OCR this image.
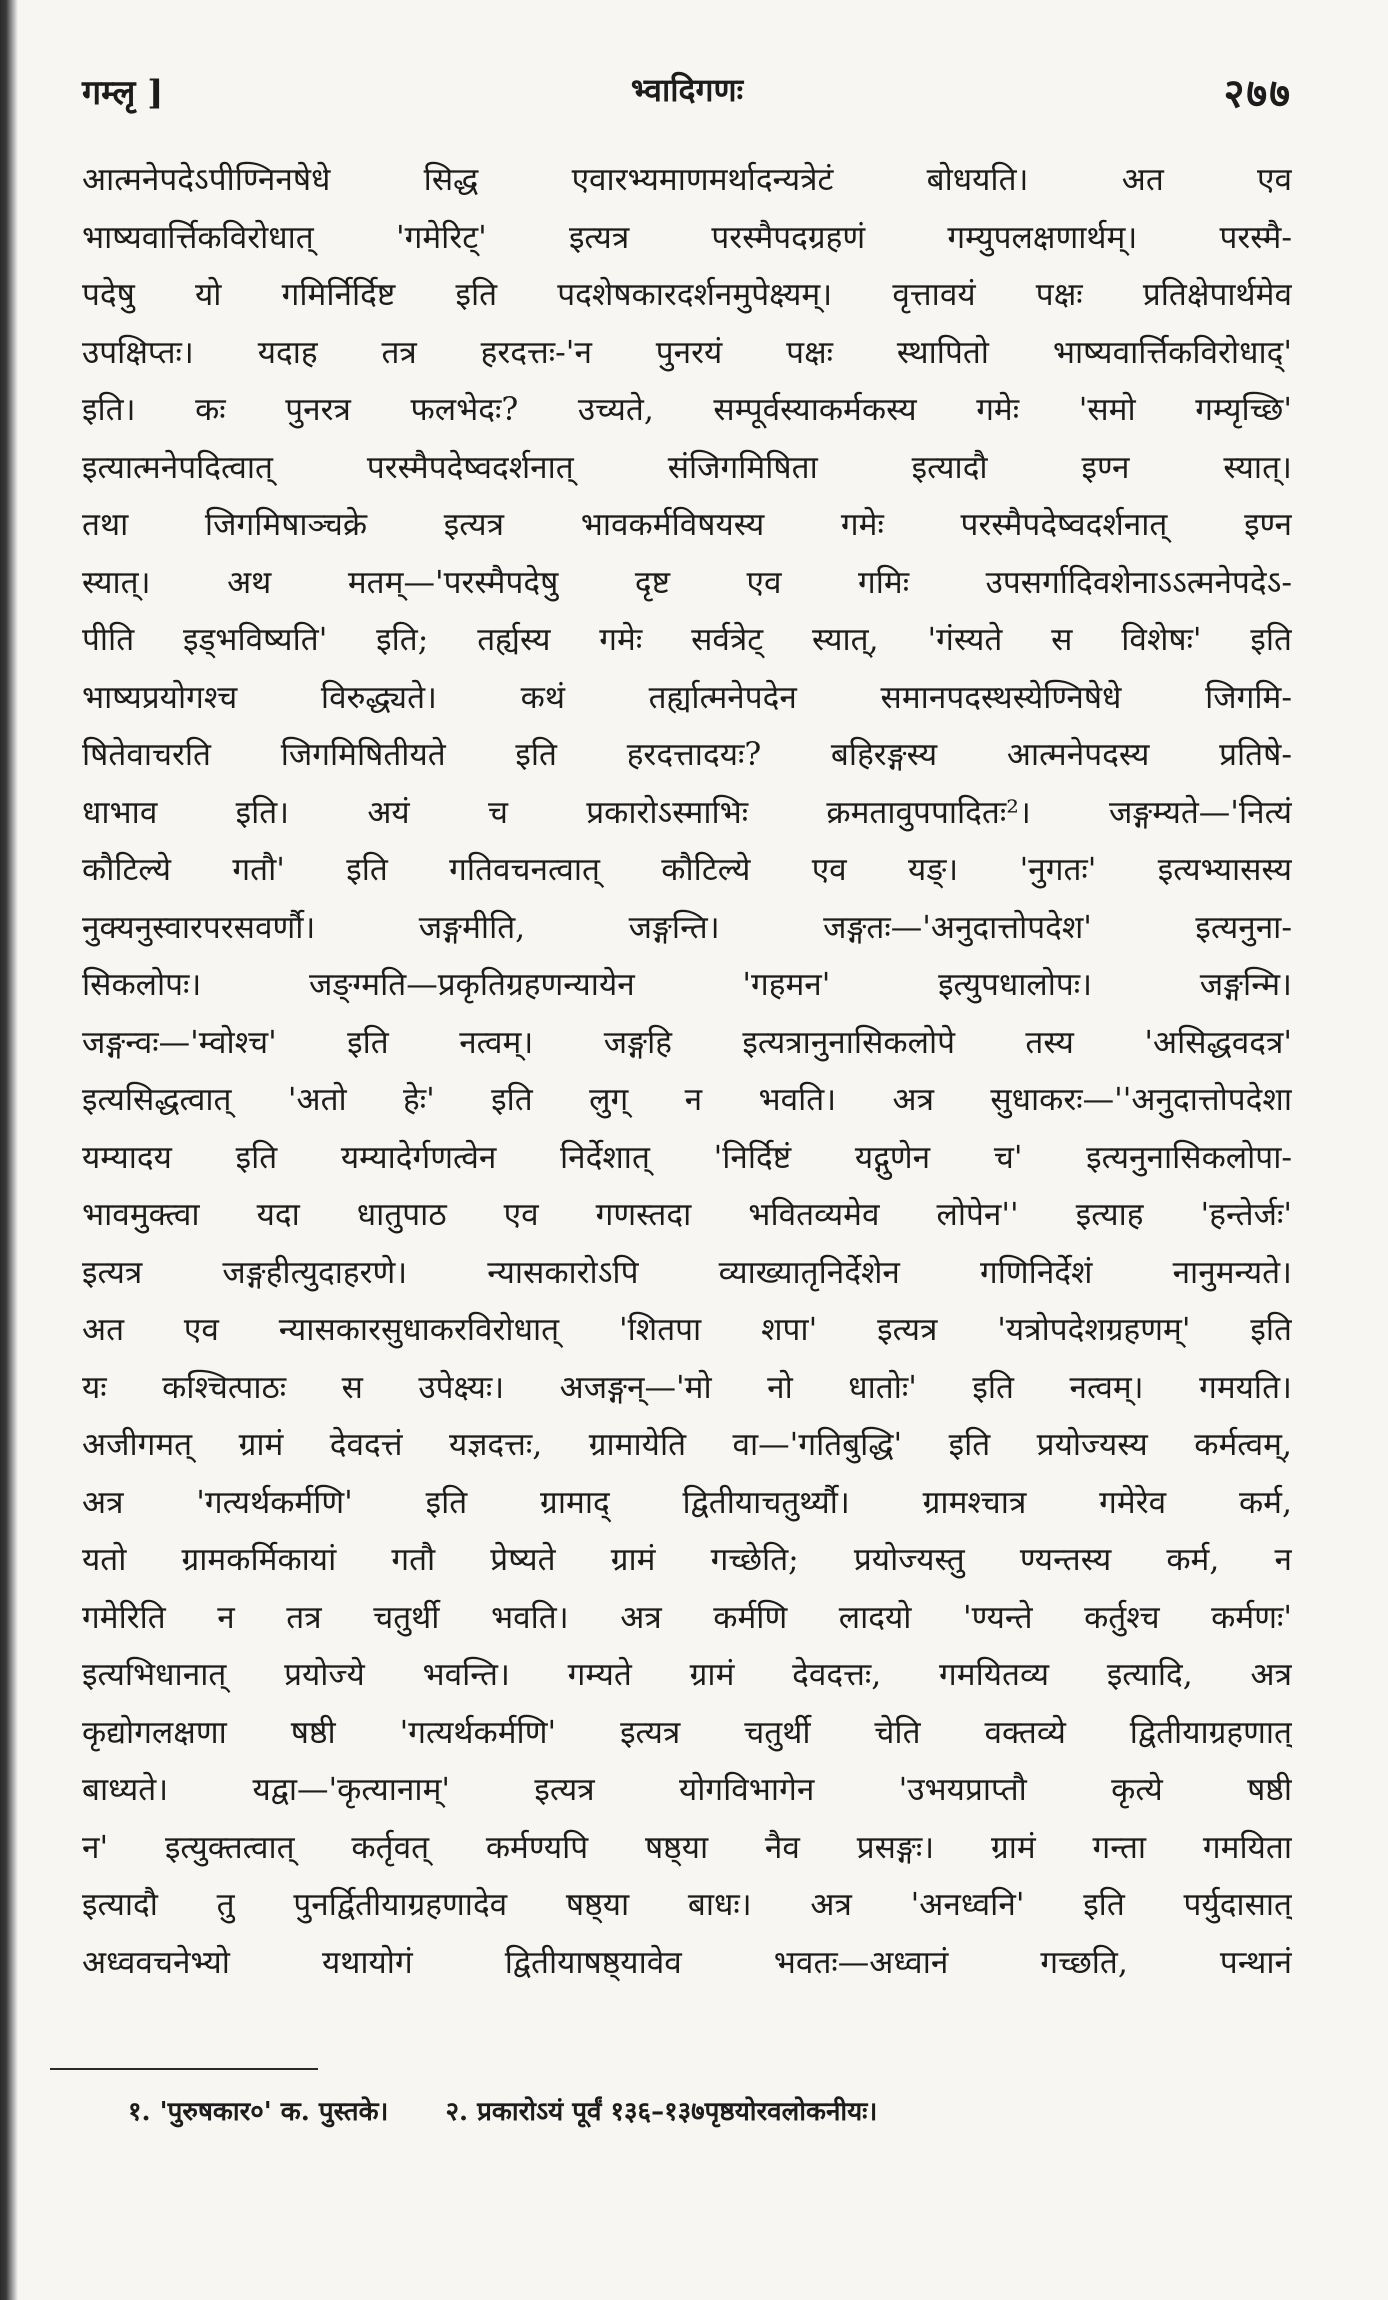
गम्लृ ]	भ्वादिगणः	२७७
आत्मनेपदेऽपीण्निनषेधे सिद्ध एवारभ्यमाणमर्थादन्यत्रेटं बोधयति। अत एव
भाष्यवार्त्तिकविरोधात् 'गमेरिट्' इत्यत्र परस्मैपदग्रहणं गम्युपलक्षणार्थम्। परस्मै-
पदेषु यो गमिर्निर्दिष्ट इति पदशेषकारदर्शनमुपेक्ष्यम्। वृत्तावयं पक्षः प्रतिक्षेपार्थमेव
उपक्षिप्तः। यदाह तत्र हरदत्तः-'न पुनरयं पक्षः स्थापितो भाष्यवार्त्तिकविरोधाद्'
इति। कः पुनरत्र फलभेदः? उच्यते, सम्पूर्वस्याकर्मकस्य गमेः 'समो गम्यृच्छि'
इत्यात्मनेपदित्वात् परस्मैपदेष्वदर्शनात् संजिगमिषिता इत्यादौ इण्न स्यात्।
तथा जिगमिषाञ्चक्रे इत्यत्र भावकर्मविषयस्य गमेः परस्मैपदेष्वदर्शनात् इण्न
स्यात्। अथ मतम्—'परस्मैपदेषु दृष्ट एव गमिः उपसर्गादिवशेनाऽऽत्मनेपदेऽ-
पीति इड्भविष्यति' इति; तर्ह्यस्य गमेः सर्वत्रेट् स्यात्, 'गंस्यते स विशेषः' इति
भाष्यप्रयोगश्च विरुद्ध्यते। कथं तर्ह्यात्मनेपदेन समानपदस्थस्येण्निषेधे जिगमि-
षितेवाचरति जिगमिषितीयते इति हरदत्तादयः? बहिरङ्गस्य आत्मनेपदस्य प्रतिषे-
धाभाव इति। अयं च प्रकारोऽस्माभिः क्रमतावुपपादितः²। जङ्गम्यते—'नित्यं
कौटिल्ये गतौ' इति गतिवचनत्वात् कौटिल्ये एव यङ्। 'नुगतः' इत्यभ्यासस्य
नुक्यनुस्वारपरसवर्णौ। जङ्गमीति, जङ्गन्ति। जङ्गतः—'अनुदात्तोपदेश' इत्यनुना-
सिकलोपः। जङ्ग्मति—प्रकृतिग्रहणन्यायेन 'गहमन' इत्युपधालोपः। जङ्गन्मि।
जङ्गन्वः—'म्वोश्च' इति नत्वम्। जङ्गहि इत्यत्रानुनासिकलोपे तस्य 'असिद्धवदत्र'
इत्यसिद्धत्वात् 'अतो हेः' इति लुग् न भवति। अत्र सुधाकरः—''अनुदात्तोपदेशा
यम्यादय इति यम्यादेर्गणत्वेन निर्देशात् 'निर्दिष्टं यद्गुणेन च' इत्यनुनासिकलोपा-
भावमुक्त्वा यदा धातुपाठ एव गणस्तदा भवितव्यमेव लोपेन'' इत्याह 'हन्तेर्जः'
इत्यत्र जङ्गहीत्युदाहरणे। न्यासकारोऽपि व्याख्यातृनिर्देशेन गणिनिर्देशं नानुमन्यते।
अत एव न्यासकारसुधाकरविरोधात् 'शितपा शपा' इत्यत्र 'यत्रोपदेशग्रहणम्' इति
यः कश्चित्पाठः स उपेक्ष्यः। अजङ्गन्—'मो नो धातोः' इति नत्वम्। गमयति।
अजीगमत् ग्रामं देवदत्तं यज्ञदत्तः, ग्रामायेति वा—'गतिबुद्धि' इति प्रयोज्यस्य कर्मत्वम्,
अत्र 'गत्यर्थकर्मणि' इति ग्रामाद् द्वितीयाचतुर्थ्यौ। ग्रामश्चात्र गमेरेव कर्म,
यतो ग्रामकर्मिकायां गतौ प्रेष्यते ग्रामं गच्छेति; प्रयोज्यस्तु ण्यन्तस्य कर्म, न
गमेरिति न तत्र चतुर्थी भवति। अत्र कर्मणि लादयो 'ण्यन्ते कर्तुश्च कर्मणः'
इत्यभिधानात् प्रयोज्ये भवन्ति। गम्यते ग्रामं देवदत्तः, गमयितव्य इत्यादि, अत्र
कृद्योगलक्षणा षष्ठी 'गत्यर्थकर्मणि' इत्यत्र चतुर्थी चेति वक्तव्ये द्वितीयाग्रहणात्
बाध्यते। यद्वा—'कृत्यानाम्' इत्यत्र योगविभागेन 'उभयप्राप्तौ कृत्ये षष्ठी
न' इत्युक्तत्वात् कर्तृवत् कर्मण्यपि षष्ठ्या नैव प्रसङ्गः। ग्रामं गन्ता गमयिता
इत्यादौ तु पुनर्द्वितीयाग्रहणादेव षष्ठ्या बाधः। अत्र 'अनध्वनि' इति पर्युदासात्
अध्ववचनेभ्यो यथायोगं द्वितीयाषष्ठ्यावेव भवतः—अध्वानं गच्छति, पन्थानं
१. 'पुरुषकार०' क. पुस्तके। २. प्रकारोऽयं पूर्वं १३६–१३७पृष्ठयोरवलोकनीयः।
